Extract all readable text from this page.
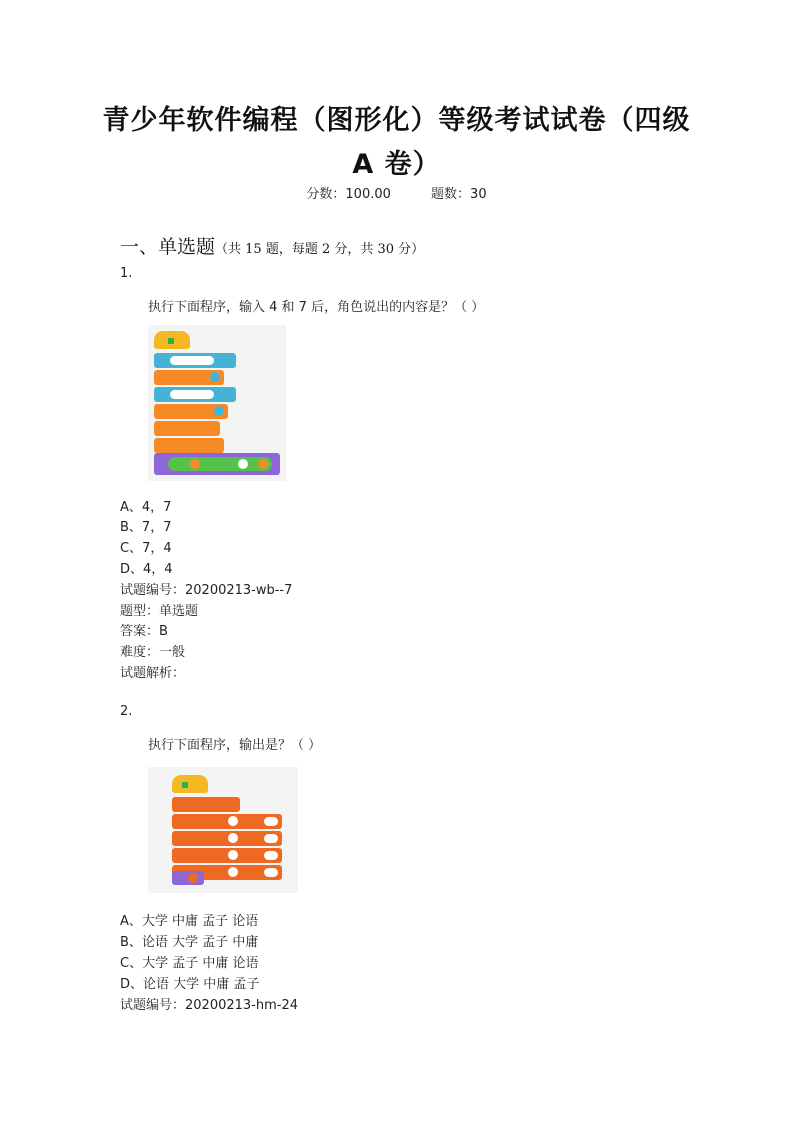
青少年软件编程（图形化）等级考试试卷（四级
A 卷）
分数：100.00	题数：30
一、单选题（共 15 题，每题 2 分，共 30 分）
1.
执行下面程序，输入 4 和 7 后，角色说出的内容是？（ ）
A、4，7
B、7，7
C、7，4
D、4，4
试题编号：20200213-wb--7
题型：单选题
答案：B
难度：一般
试题解析：
2.
执行下面程序，输出是？（ ）
A、大学 中庸 孟子 论语
B、论语 大学 孟子 中庸
C、大学 孟子 中庸 论语
D、论语 大学 中庸 孟子
试题编号：20200213-hm-24
